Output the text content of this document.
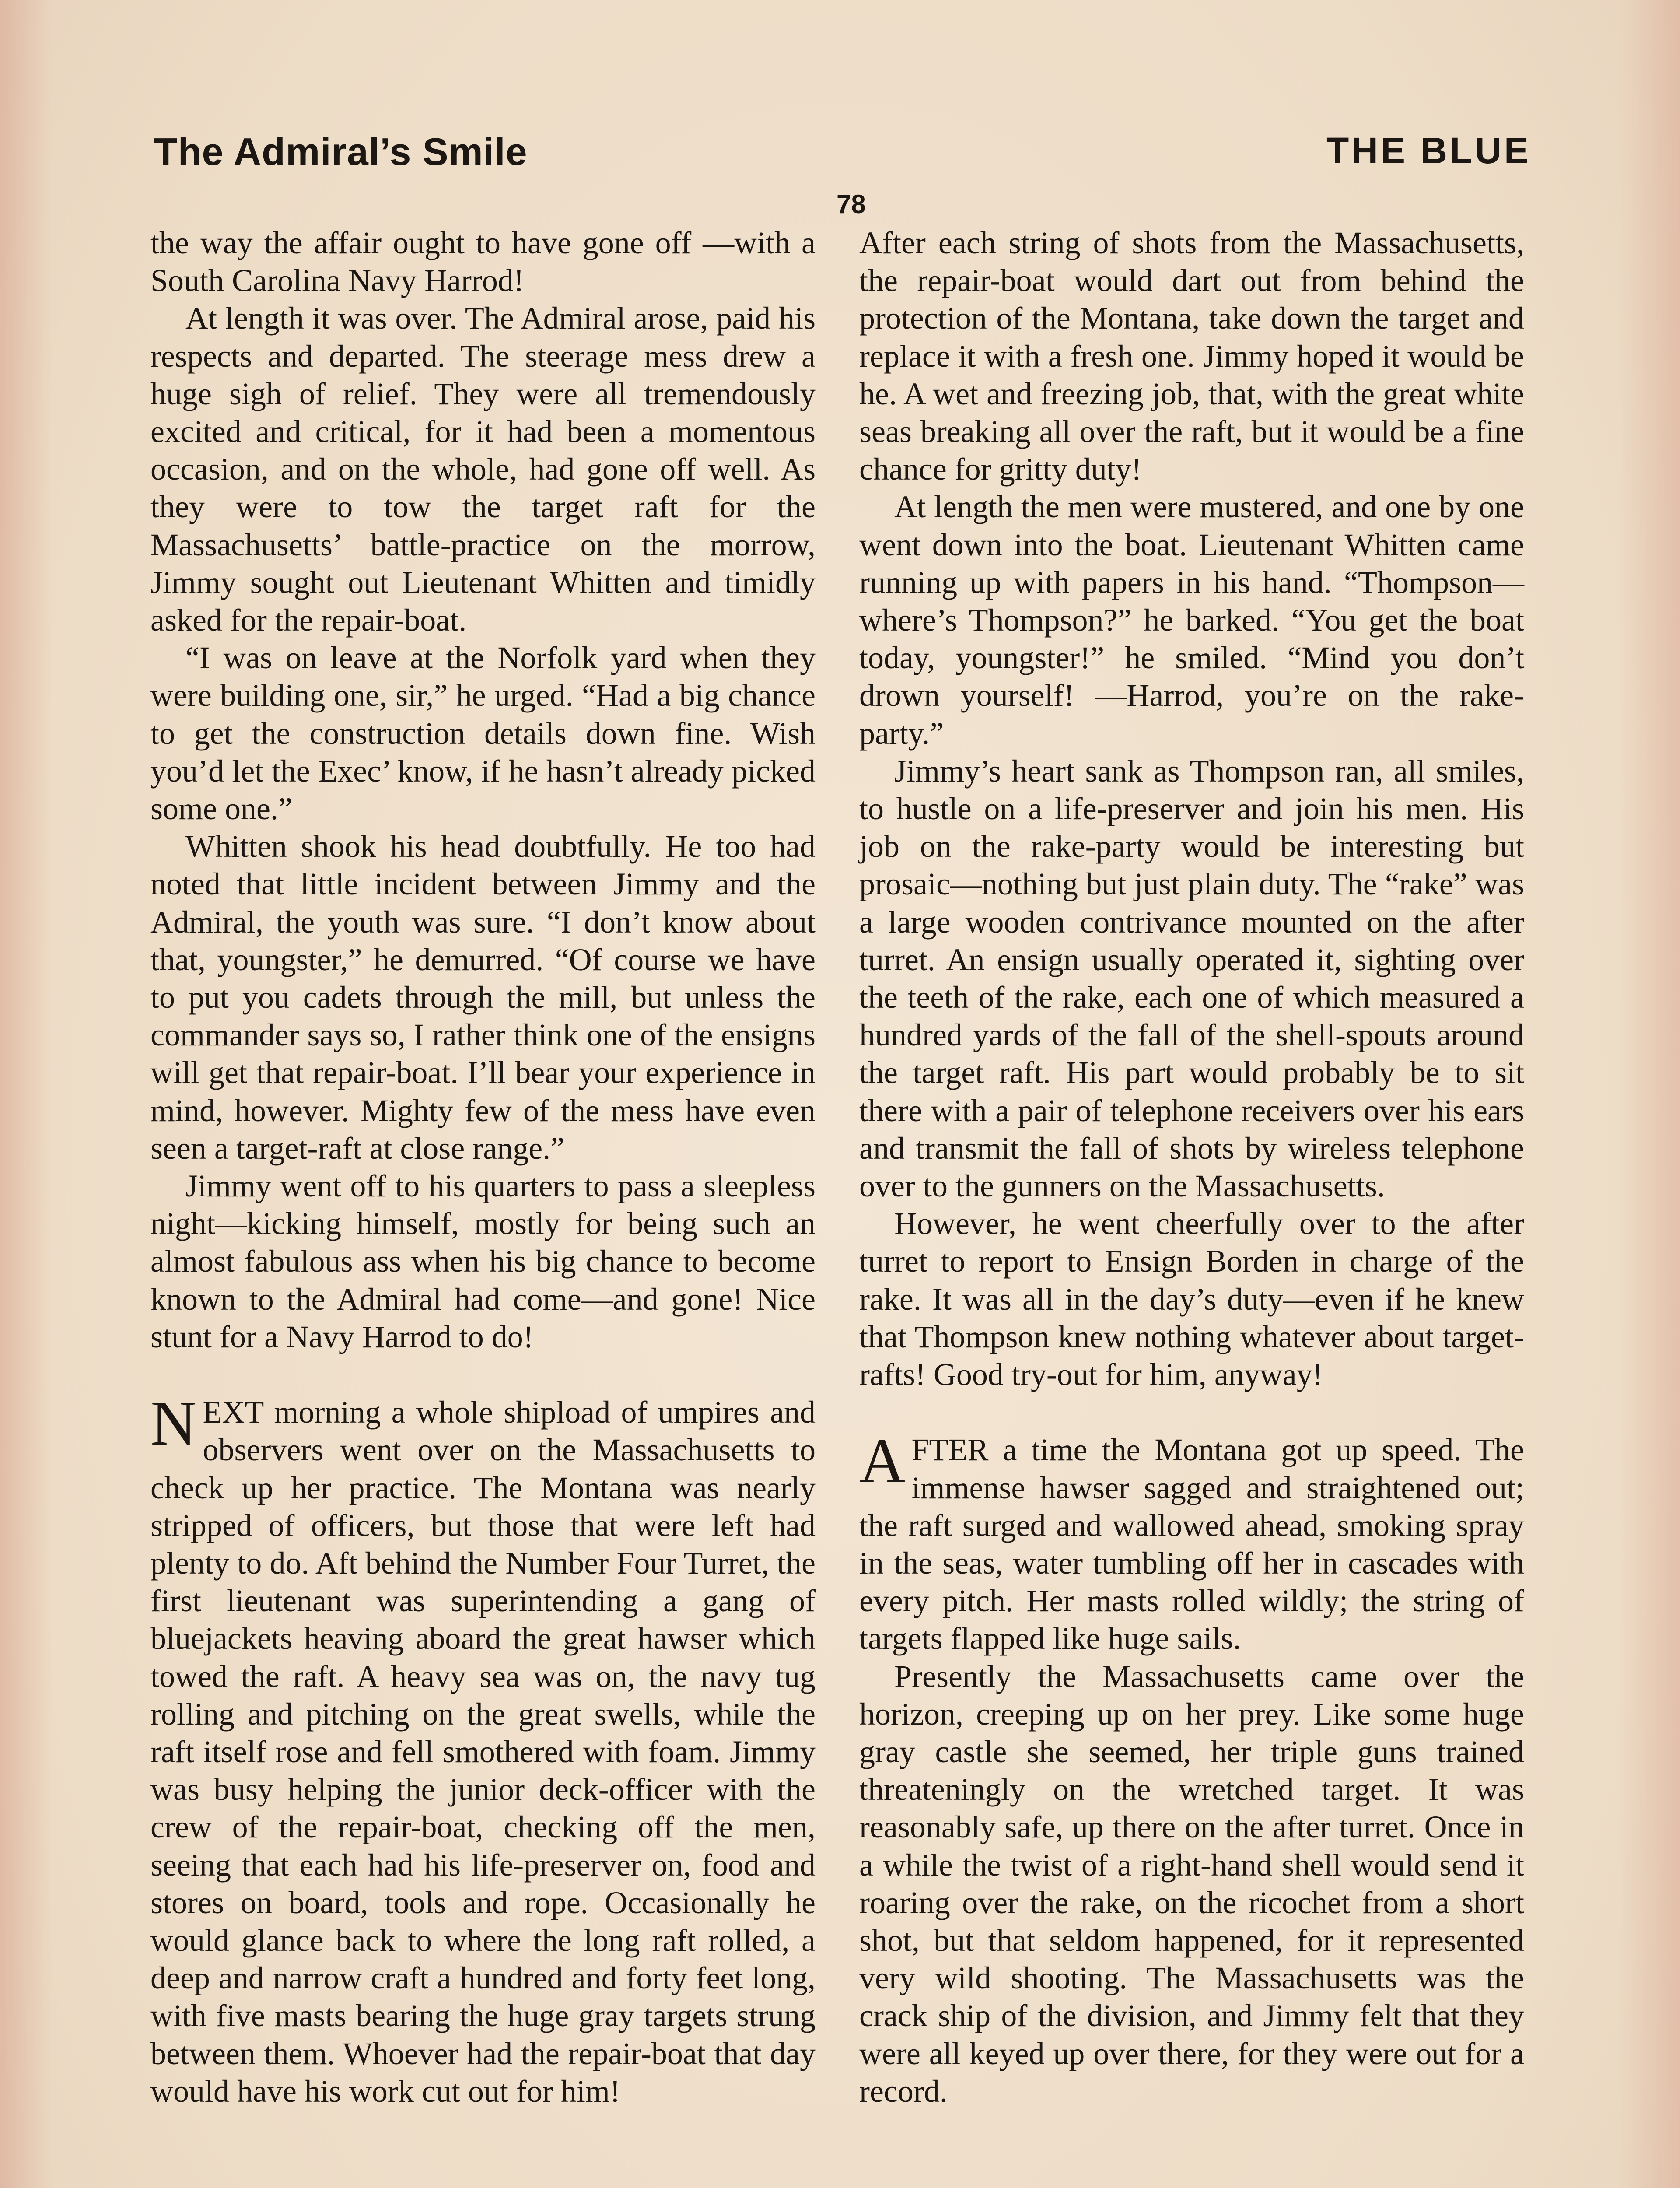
The Admiral’s Smile	THE BLUE
78

the way the affair ought to have gone off —with a South Carolina Navy Harrod!

At length it was over. The Admiral arose, paid his respects and departed. The steerage mess drew a huge sigh of relief. They were all tremendously excited and critical, for it had been a momentous occasion, and on the whole, had gone off well. As they were to tow the target raft for the Massachusetts’ battle-practice on the morrow, Jimmy sought out Lieutenant Whitten and timidly asked for the repair-boat.

“I was on leave at the Norfolk yard when they were building one, sir,” he urged. “Had a big chance to get the construction details down fine. Wish you’d let the Exec’ know, if he hasn’t already picked some one.”

Whitten shook his head doubtfully. He too had noted that little incident between Jimmy and the Admiral, the youth was sure. “I don’t know about that, youngster,” he demurred. “Of course we have to put you cadets through the mill, but unless the commander says so, I rather think one of the ensigns will get that repair-boat. I’ll bear your experience in mind, however. Mighty few of the mess have even seen a target-raft at close range.”

Jimmy went off to his quarters to pass a sleepless night—kicking himself, mostly for being such an almost fabulous ass when his big chance to become known to the Admiral had come—and gone! Nice stunt for a Navy Harrod to do!

NEXT morning a whole shipload of umpires and observers went over on the Massachusetts to check up her practice. The Montana was nearly stripped of officers, but those that were left had plenty to do. Aft behind the Number Four Turret, the first lieutenant was superintending a gang of bluejackets heaving aboard the great hawser which towed the raft. A heavy sea was on, the navy tug rolling and pitching on the great swells, while the raft itself rose and fell smothered with foam. Jimmy was busy helping the junior deck-officer with the crew of the repair-boat, checking off the men, seeing that each had his life-preserver on, food and stores on board, tools and rope. Occasionally he would glance back to where the long raft rolled, a deep and narrow craft a hundred and forty feet long, with five masts bearing the huge gray targets strung between them. Whoever had the repair-boat that day would have his work cut out for him!

After each string of shots from the Massachusetts, the repair-boat would dart out from behind the protection of the Montana, take down the target and replace it with a fresh one. Jimmy hoped it would be he. A wet and freezing job, that, with the great white seas breaking all over the raft, but it would be a fine chance for gritty duty!

At length the men were mustered, and one by one went down into the boat. Lieutenant Whitten came running up with papers in his hand. “Thompson—where’s Thompson?” he barked. “You get the boat today, youngster!” he smiled. “Mind you don’t drown yourself! —Harrod, you’re on the rake-party.”

Jimmy’s heart sank as Thompson ran, all smiles, to hustle on a life-preserver and join his men. His job on the rake-party would be interesting but prosaic—nothing but just plain duty. The “rake” was a large wooden contrivance mounted on the after turret. An ensign usually operated it, sighting over the teeth of the rake, each one of which measured a hundred yards of the fall of the shell-spouts around the target raft. His part would probably be to sit there with a pair of telephone receivers over his ears and transmit the fall of shots by wireless telephone over to the gunners on the Massachusetts.

However, he went cheerfully over to the after turret to report to Ensign Borden in charge of the rake. It was all in the day’s duty—even if he knew that Thompson knew nothing whatever about target-rafts! Good try-out for him, anyway!

AFTER a time the Montana got up speed. The immense hawser sagged and straightened out; the raft surged and wallowed ahead, smoking spray in the seas, water tumbling off her in cascades with every pitch. Her masts rolled wildly; the string of targets flapped like huge sails.

Presently the Massachusetts came over the horizon, creeping up on her prey. Like some huge gray castle she seemed, her triple guns trained threateningly on the wretched target. It was reasonably safe, up there on the after turret. Once in a while the twist of a right-hand shell would send it roaring over the rake, on the ricochet from a short shot, but that seldom happened, for it represented very wild shooting. The Massachusetts was the crack ship of the division, and Jimmy felt that they were all keyed up over there, for they were out for a record.
